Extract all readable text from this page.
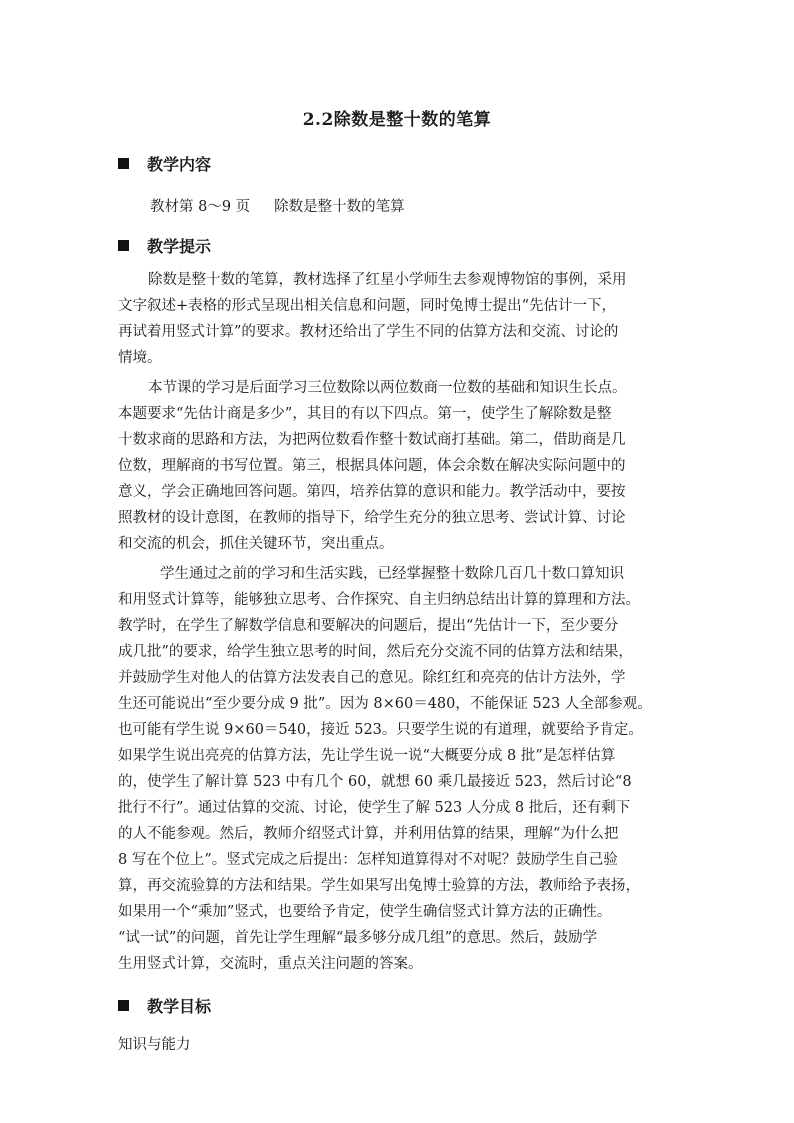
2.2除数是整十数的笔算
教学内容
教材第 8～9 页 除数是整十数的笔算
教学提示
除数是整十数的笔算，教材选择了红星小学师生去参观博物馆的事例，采用
文字叙述+表格的形式呈现出相关信息和问题，同时兔博士提出“先估计一下，
再试着用竖式计算”的要求。教材还给出了学生不同的估算方法和交流、讨论的
情境。
本节课的学习是后面学习三位数除以两位数商一位数的基础和知识生长点。
本题要求“先估计商是多少”，其目的有以下四点。第一，使学生了解除数是整
十数求商的思路和方法，为把两位数看作整十数试商打基础。第二，借助商是几
位数，理解商的书写位置。第三，根据具体问题，体会余数在解决实际问题中的
意义，学会正确地回答问题。第四，培养估算的意识和能力。教学活动中，要按
照教材的设计意图，在教师的指导下，给学生充分的独立思考、尝试计算、讨论
和交流的机会，抓住关键环节，突出重点。
学生通过之前的学习和生活实践，已经掌握整十数除几百几十数口算知识
和用竖式计算等，能够独立思考、合作探究、自主归纳总结出计算的算理和方法。
教学时，在学生了解数学信息和要解决的问题后，提出“先估计一下，至少要分
成几批”的要求，给学生独立思考的时间，然后充分交流不同的估算方法和结果，
并鼓励学生对他人的估算方法发表自己的意见。除红红和亮亮的估计方法外，学
生还可能说出“至少要分成 9 批”。因为 8×60＝480，不能保证 523 人全部参观。
也可能有学生说 9×60＝540，接近 523。只要学生说的有道理，就要给予肯定。
如果学生说出亮亮的估算方法，先让学生说一说“大概要分成 8 批”是怎样估算
的，使学生了解计算 523 中有几个 60，就想 60 乘几最接近 523，然后讨论“8
批行不行”。通过估算的交流、讨论，使学生了解 523 人分成 8 批后，还有剩下
的人不能参观。然后，教师介绍竖式计算，并利用估算的结果，理解“为什么把
8 写在个位上”。竖式完成之后提出：怎样知道算得对不对呢？鼓励学生自己验
算，再交流验算的方法和结果。学生如果写出兔博士验算的方法，教师给予表扬，
如果用一个“乘加”竖式，也要给予肯定，使学生确信竖式计算方法的正确性。
“试一试”的问题，首先让学生理解“最多够分成几组”的意思。然后，鼓励学
生用竖式计算，交流时，重点关注问题的答案。
教学目标
知识与能力
